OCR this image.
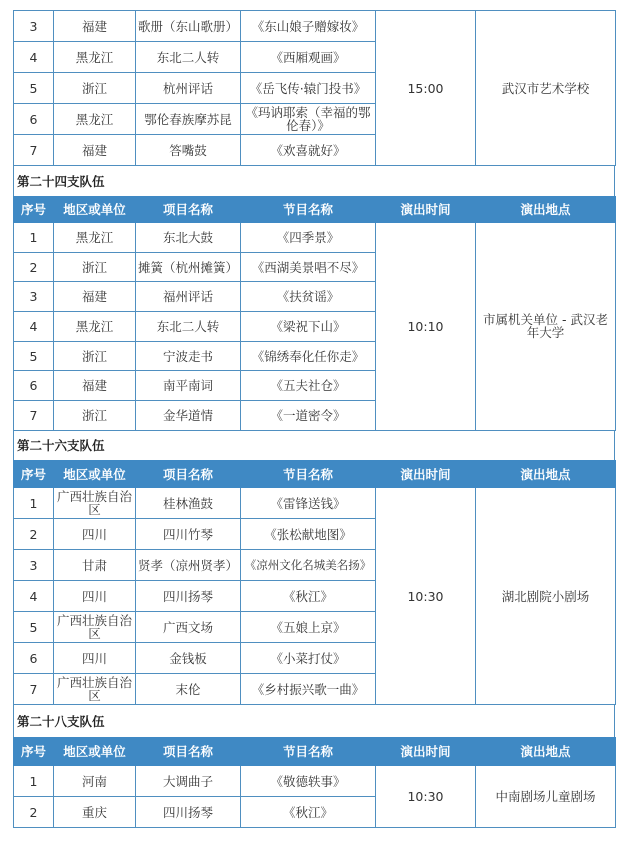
3	福建	歌册（东山歌册）	《东山娘子赠嫁妆》	15:00	武汉市艺术学校
4	黑龙江	东北二人转	《西厢观画》		
5	浙江	杭州评话	《岳飞传·辕门投书》		
6	黑龙江	鄂伦春族摩苏昆	《玛讷耶索（幸福的鄂伦春）》		
7	福建	答嘴鼓	《欢喜就好》		
第二十四支队伍
序号	地区或单位	项目名称	节目名称	演出时间	演出地点
1	黑龙江	东北大鼓	《四季景》	10:10	市属机关单位 - 武汉老年大学
2	浙江	摊簧（杭州摊簧）	《西湖美景唱不尽》		
3	福建	福州评话	《扶贫谣》		
4	黑龙江	东北二人转	《梁祝下山》		
5	浙江	宁波走书	《锦绣奉化任你走》		
6	福建	南平南词	《五夫社仓》		
7	浙江	金华道情	《一道密令》		
第二十六支队伍
序号	地区或单位	项目名称	节目名称	演出时间	演出地点
1	广西壮族自治区	桂林渔鼓	《雷锋送钱》	10:30	湖北剧院小剧场
2	四川	四川竹琴	《张松献地图》		
3	甘肃	贤孝（凉州贤孝）	《凉州文化名城美名扬》		
4	四川	四川扬琴	《秋江》		
5	广西壮族自治区	广西文场	《五娘上京》		
6	四川	金钱板	《小菜打仗》		
7	广西壮族自治区	末伦	《乡村振兴歌一曲》		
第二十八支队伍
序号	地区或单位	项目名称	节目名称	演出时间	演出地点
1	河南	大调曲子	《敬德轶事》	10:30	中南剧场儿童剧场
2	重庆	四川扬琴	《秋江》		
